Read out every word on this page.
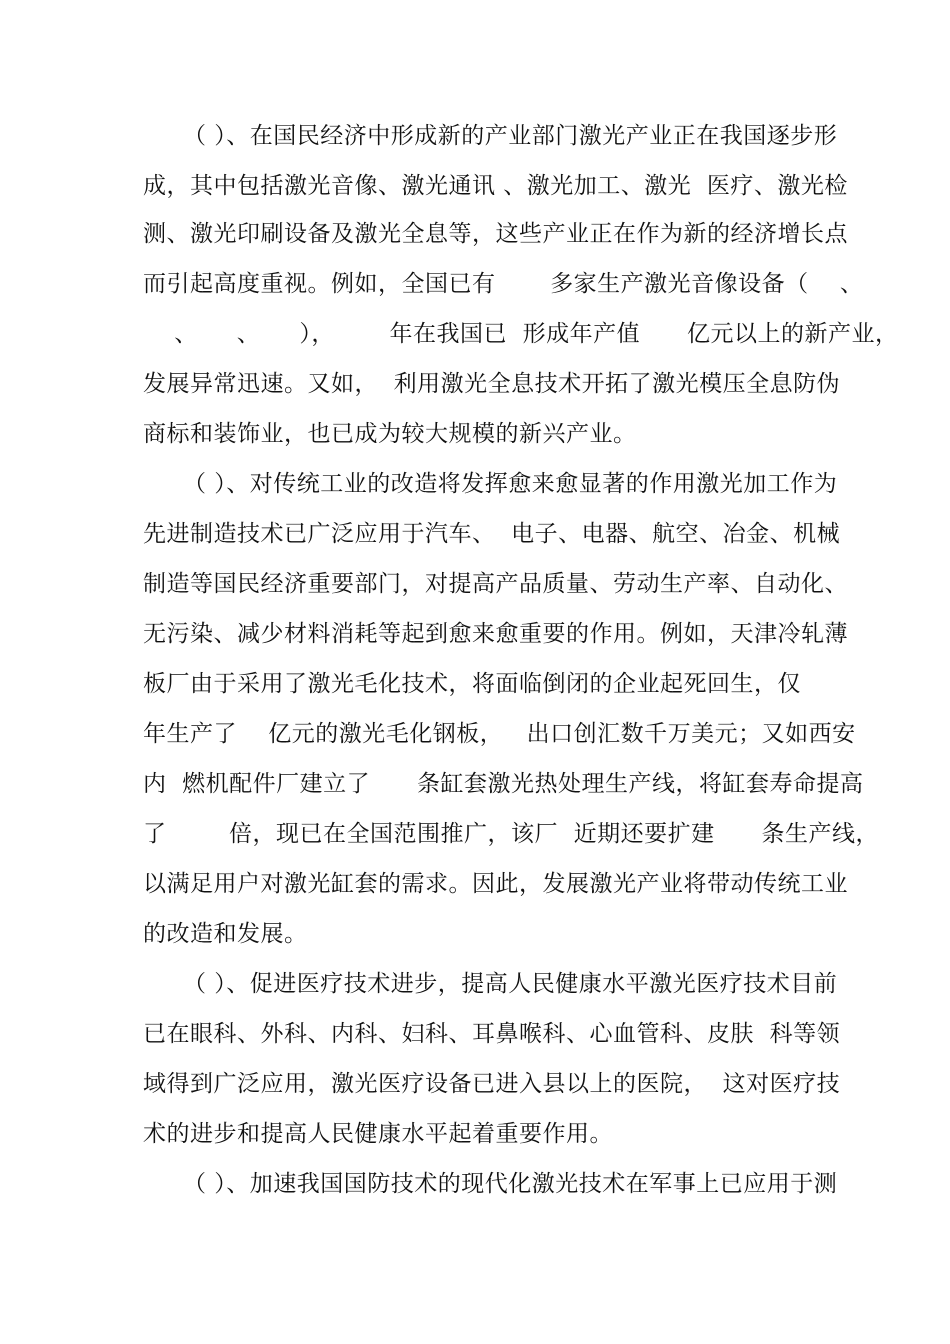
（ ）、在国民经济中形成新的产业部门激光产业正在我国逐步形
成，其中包括激光音像、激光通讯 、激光加工、激光  医疗、激光检
测、激光印刷设备及激光全息等，这些产业正在作为新的经济增长点
而引起高度重视。例如，全国已有       多家生产激光音像设备（    、
、     、     ），       年在我国已  形成年产值      亿元以上的新产业，
发展异常迅速。又如，  利用激光全息技术开拓了激光模压全息防伪
商标和装饰业，也已成为较大规模的新兴产业。
（ ）、对传统工业的改造将发挥愈来愈显著的作用激光加工作为
先进制造技术已广泛应用于汽车、  电子、电器、航空、冶金、机械
制造等国民经济重要部门，对提高产品质量、劳动生产率、自动化、
无污染、减少材料消耗等起到愈来愈重要的作用。例如，天津冷轧薄
板厂由于采用了激光毛化技术，将面临倒闭的企业起死回生，仅
年生产了    亿元的激光毛化钢板，   出口创汇数千万美元；又如西安
内  燃机配件厂建立了      条缸套激光热处理生产线，将缸套寿命提高
了        倍，现已在全国范围推广，该厂  近期还要扩建      条生产线，
以满足用户对激光缸套的需求。因此，发展激光产业将带动传统工业
的改造和发展。
（ ）、促进医疗技术进步，提高人民健康水平激光医疗技术目前
已在眼科、外科、内科、妇科、耳鼻喉科、心血管科、皮肤  科等领
域得到广泛应用，激光医疗设备已进入县以上的医院，  这对医疗技
术的进步和提高人民健康水平起着重要作用。
（ ）、加速我国国防技术的现代化激光技术在军事上已应用于测
